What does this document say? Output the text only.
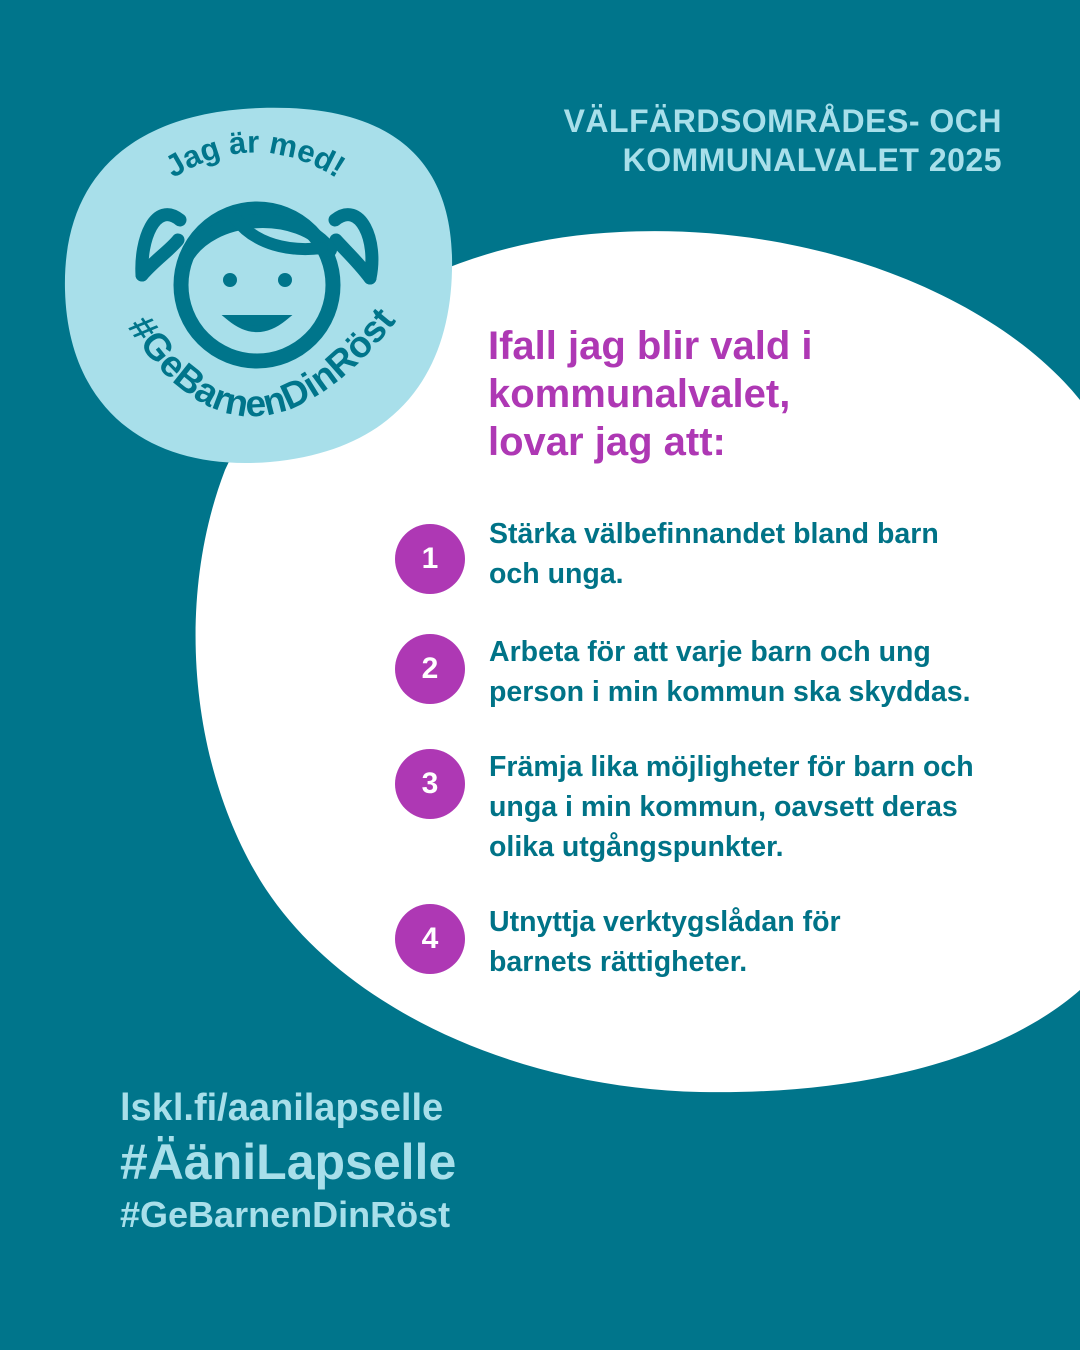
VÄLFÄRDSOMRÅDES- OCH
KOMMUNALVALET 2025
Jag är med!
#GeBarnenDinRöst
Ifall jag blir vald i
kommunalvalet,
lovar jag att:
1

Stärka välbefinnandet bland barn
och unga.

2	Arbeta för att varje barn och ung
person i min kommun ska skyddas.

3	Främja lika möjligheter för barn och
unga i min kommun, oavsett deras
olika utgångspunkter.

4	Utnyttja verktygslådan för
barnets rättigheter.

lskl.fi/aanilapselle
#ÄäniLapselle
#GeBarnenDinRöst
